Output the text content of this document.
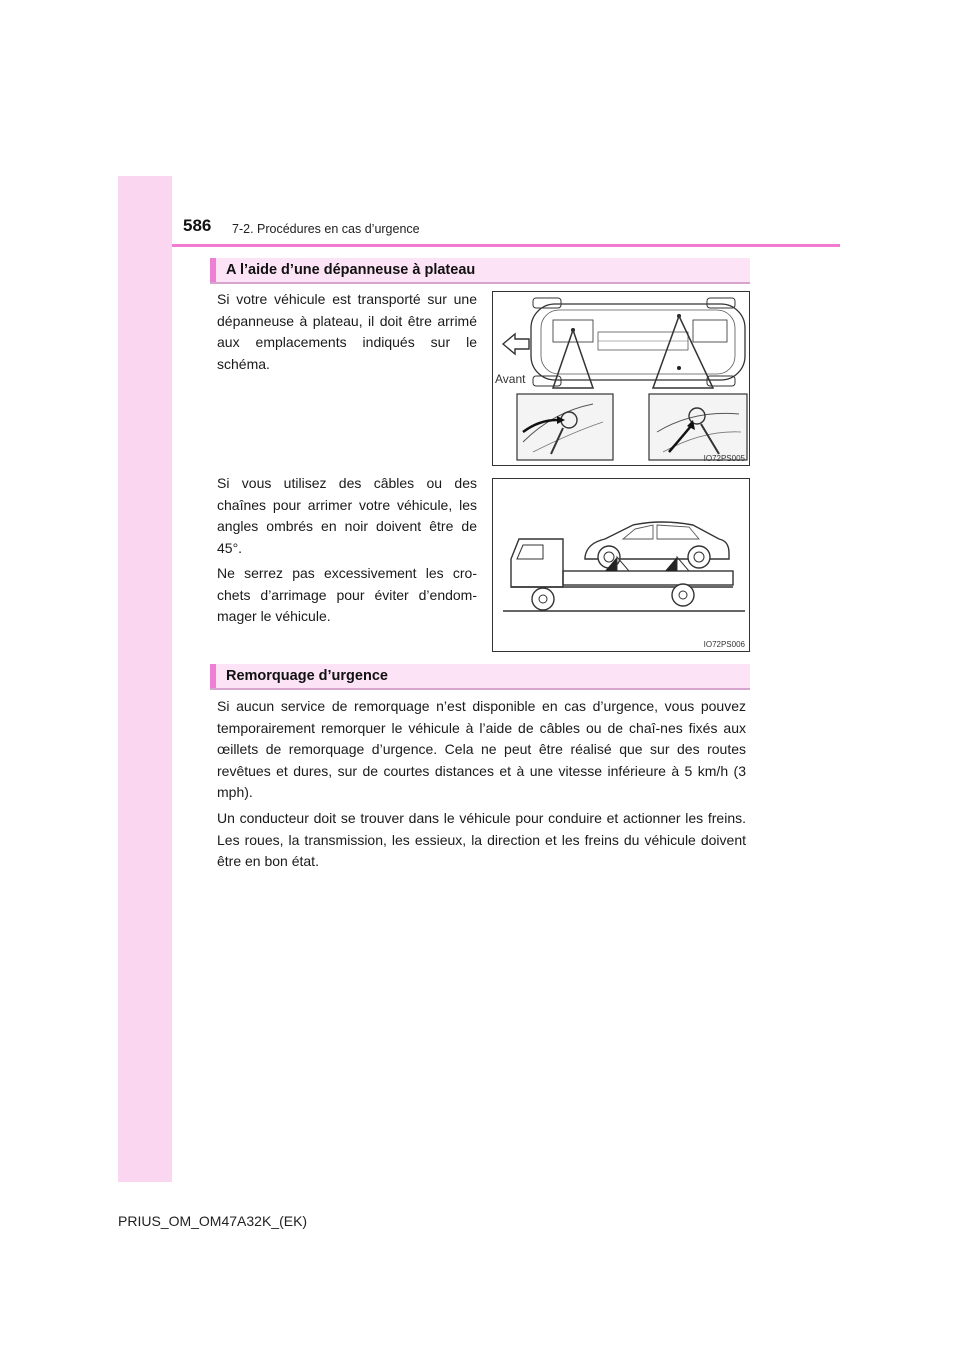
586 7-2. Procédures en cas d’urgence
A l’aide d’une dépanneuse à plateau

Si votre véhicule est transporté sur une dépanneuse à plateau, il doit être arrimé aux emplacements indiqués sur le schéma.

Avant
IO72PS005

Si vous utilisez des câbles ou des chaînes pour arrimer votre véhicule, les angles ombrés en noir doivent être de 45°.

Ne serrez pas excessivement les cro-chets d’arrimage pour éviter d’endom-mager le véhicule.

IO72PS006
Remorquage d’urgence

Si aucun service de remorquage n’est disponible en cas d’urgence, vous pouvez temporairement remorquer le véhicule à l’aide de câbles ou de chaî-nes fixés aux œillets de remorquage d’urgence. Cela ne peut être réalisé que sur des routes revêtues et dures, sur de courtes distances et à une vitesse inférieure à 5 km/h (3 mph).

Un conducteur doit se trouver dans le véhicule pour conduire et actionner les freins. Les roues, la transmission, les essieux, la direction et les freins du véhicule doivent être en bon état.

PRIUS_OM_OM47A32K_(EK)
